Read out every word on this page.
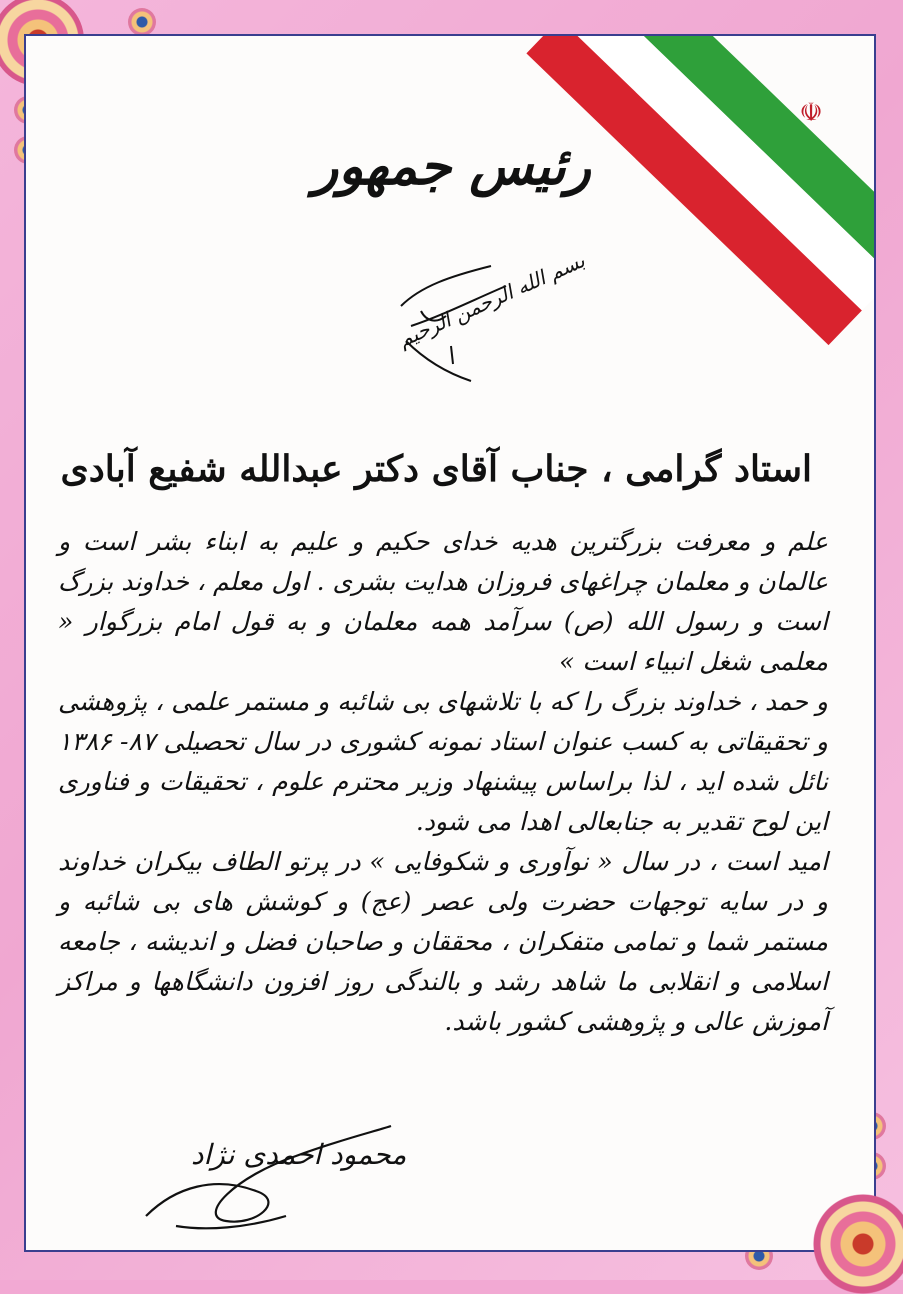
☫
رئیس جمهور
بسم الله الرحمن الرحیم
استاد گرامی ، جناب آقای دکتر عبدالله شفیع آبادی

علم و معرفت بزرگترین هدیه خدای حکیم و علیم به ابناء بشر است و عالمان و معلمان چراغهای فروزان هدایت بشری . اول معلم ، خداوند بزرگ است و رسول الله (ص) سرآمد همه معلمان و به قول امام بزرگوار « معلمی شغل انبیاء است »

و حمد ، خداوند بزرگ را که با تلاشهای بی شائبه و مستمر علمی ، پژوهشی و تحقیقاتی به کسب عنوان استاد نمونه کشوری در سال تحصیلی ۸۷- ۱۳۸۶ نائل شده اید ، لذا براساس پیشنهاد وزیر محترم علوم ، تحقیقات و فناوری این لوح تقدیر به جنابعالی اهدا می شود.

امید است ، در سال « نوآوری و شکوفایی » در پرتو الطاف بیکران خداوند و در سایه توجهات حضرت ولی عصر (عج) و کوشش های بی شائبه و مستمر شما و تمامی متفکران ، محققان و صاحبان فضل و اندیشه ، جامعه اسلامی و انقلابی ما شاهد رشد و بالندگی روز افزون دانشگاهها و مراکز آموزش عالی و پژوهشی کشور باشد.

محمود احمدی نژاد
